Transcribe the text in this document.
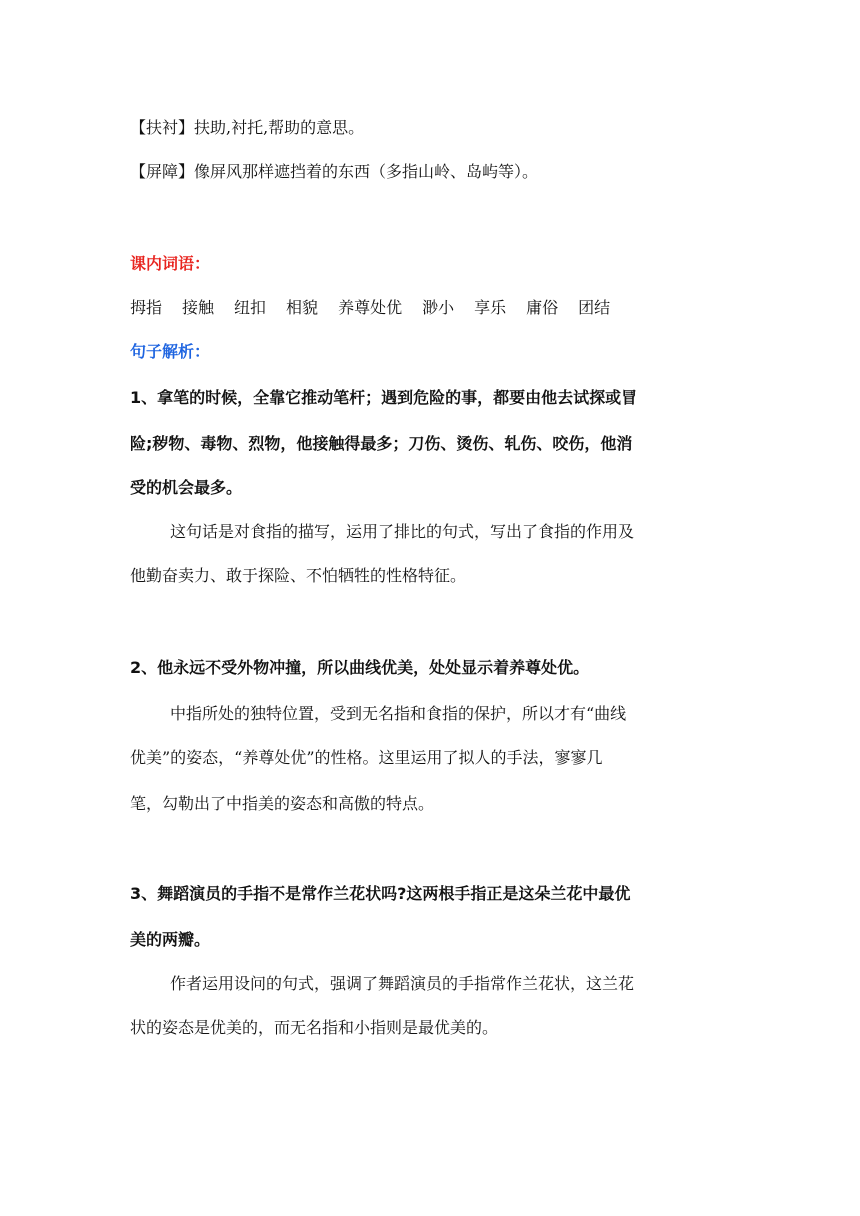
【扶衬】扶助,衬托,帮助的意思。
【屏障】像屏风那样遮挡着的东西（多指山岭、岛屿等）。
课内词语：
拇指 接触 纽扣 相貌 养尊处优 渺小 享乐 庸俗 团结
句子解析：
1、拿笔的时候，全靠它推动笔杆；遇到危险的事，都要由他去试探或冒
险;秽物、毒物、烈物，他接触得最多；刀伤、烫伤、轧伤、咬伤，他消
受的机会最多。
这句话是对食指的描写，运用了排比的句式，写出了食指的作用及
他勤奋卖力、敢于探险、不怕牺牲的性格特征。
2、他永远不受外物冲撞，所以曲线优美，处处显示着养尊处优。
中指所处的独特位置，受到无名指和食指的保护，所以才有“曲线
优美”的姿态，“养尊处优”的性格。这里运用了拟人的手法，寥寥几
笔，勾勒出了中指美的姿态和高傲的特点。
3、舞蹈演员的手指不是常作兰花状吗?这两根手指正是这朵兰花中最优
美的两瓣。
作者运用设问的句式，强调了舞蹈演员的手指常作兰花状，这兰花
状的姿态是优美的，而无名指和小指则是最优美的。
